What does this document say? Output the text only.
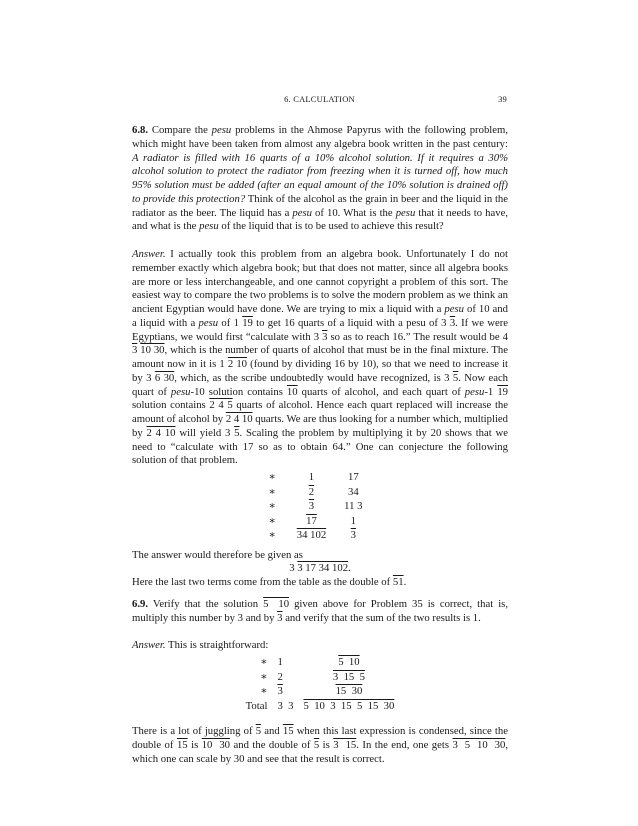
6. CALCULATION	39

6.8. Compare the pesu problems in the Ahmose Papyrus with the following problem, which might have been taken from almost any algebra book written in the past century: A radiator is filled with 16 quarts of a 10% alcohol solution. If it requires a 30% alcohol solution to protect the radiator from freezing when it is turned off, how much 95% solution must be added (after an equal amount of the 10% solution is drained off) to provide this protection? Think of the alcohol as the grain in beer and the liquid in the radiator as the beer. The liquid has a pesu of 10. What is the pesu that it needs to have, and what is the pesu of the liquid that is to be used to achieve this result?

Answer. I actually took this problem from an algebra book. Unfortunately I do not remember exactly which algebra book; but that does not matter, since all algebra books are more or less interchangeable, and one cannot copyright a problem of this sort. The easiest way to compare the two problems is to solve the modern problem as we think an ancient Egyptian would have done. We are trying to mix a liquid with a pesu of 10 and a liquid with a pesu of 1 19 to get 16 quarts of a liquid with a pesu of 3 3. If we were Egyptians, we would first “calculate with 3 3 so as to reach 16.” The result would be 4 3 10 30, which is the number of quarts of alcohol that must be in the final mixture. The amount now in it is 1 2 10 (found by dividing 16 by 10), so that we need to increase it by 3 6 30, which, as the scribe undoubtedly would have recognized, is 3 5. Now each quart of pesu-10 solution contains 10 quarts of alcohol, and each quart of pesu-1 19 solution contains 2 4 5 quarts of alcohol. Hence each quart replaced will increase the amount of alcohol by 2 4 10 quarts. We are thus looking for a number which, multiplied by 2 4 10 will yield 3 5. Scaling the problem by multiplying it by 20 shows that we need to “calculate with 17 so as to obtain 64.” One can conjecture the following solution of that problem.

∗	1	17
∗	2	34
∗	3	11 3
∗	17	1
∗	34 102	3

The answer would therefore be given as

3 3 17 34 102.

Here the last two terms come from the table as the double of 51.

6.9. Verify that the solution 5  10 given above for Problem 35 is correct, that is, multiply this number by 3 and by 3 and verify that the sum of the two results is 1.

Answer. This is straightforward:

∗	1	5  10
∗	2	3  15  5
∗	3	15  30
Total	3  3	5  10  3  15  5  15  30

There is a lot of juggling of 5 and 15 when this last expression is condensed, since the double of 15 is 10  30 and the double of 5 is 3  15. In the end, one gets 3  5  10  30, which one can scale by 30 and see that the result is correct.
